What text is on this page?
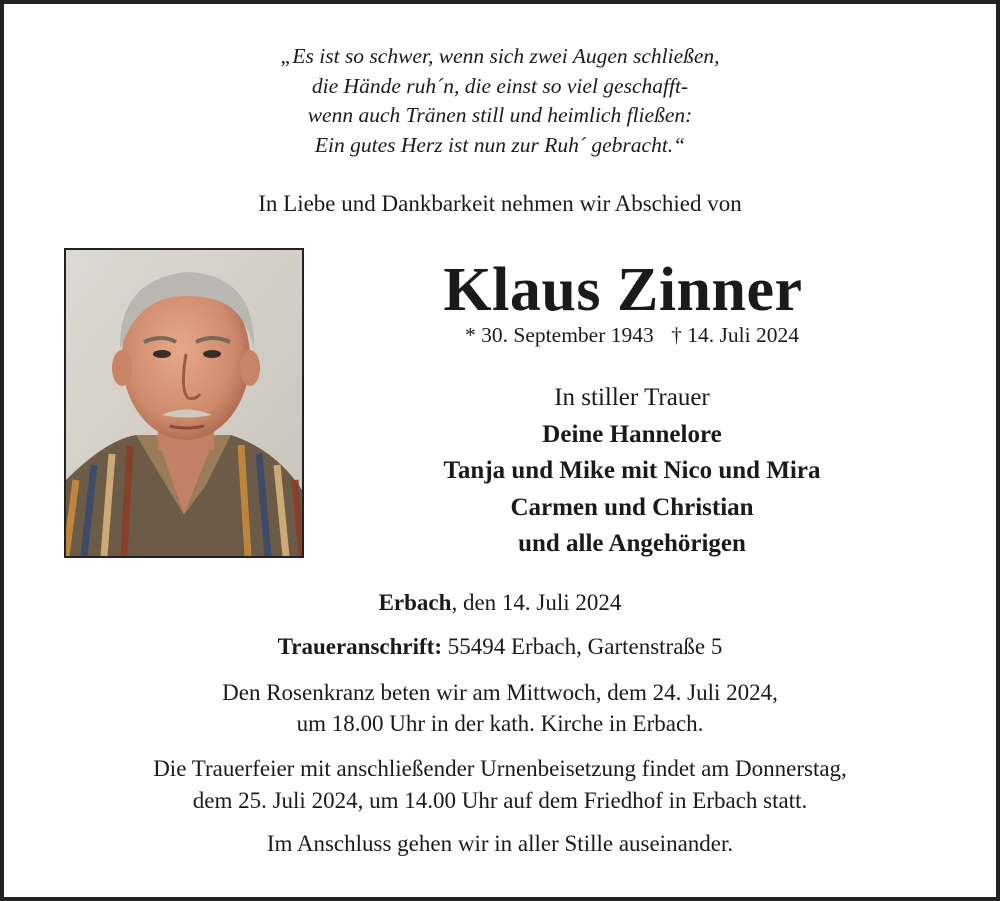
„Es ist so schwer, wenn sich zwei Augen schließen,
die Hände ruh´n, die einst so viel geschafft-
wenn auch Tränen still und heimlich fließen:
Ein gutes Herz ist nun zur Ruh´ gebracht.“
In Liebe und Dankbarkeit nehmen wir Abschied von
Klaus Zinner
* 30. September 1943 † 14. Juli 2024
In stiller Trauer
Deine Hannelore
Tanja und Mike mit Nico und Mira
Carmen und Christian
und alle Angehörigen
Erbach, den 14. Juli 2024
Traueranschrift: 55494 Erbach, Gartenstraße 5
Den Rosenkranz beten wir am Mittwoch, dem 24. Juli 2024,
um 18.00 Uhr in der kath. Kirche in Erbach.
Die Trauerfeier mit anschließender Urnenbeisetzung findet am Donnerstag,
dem 25. Juli 2024, um 14.00 Uhr auf dem Friedhof in Erbach statt.
Im Anschluss gehen wir in aller Stille auseinander.
